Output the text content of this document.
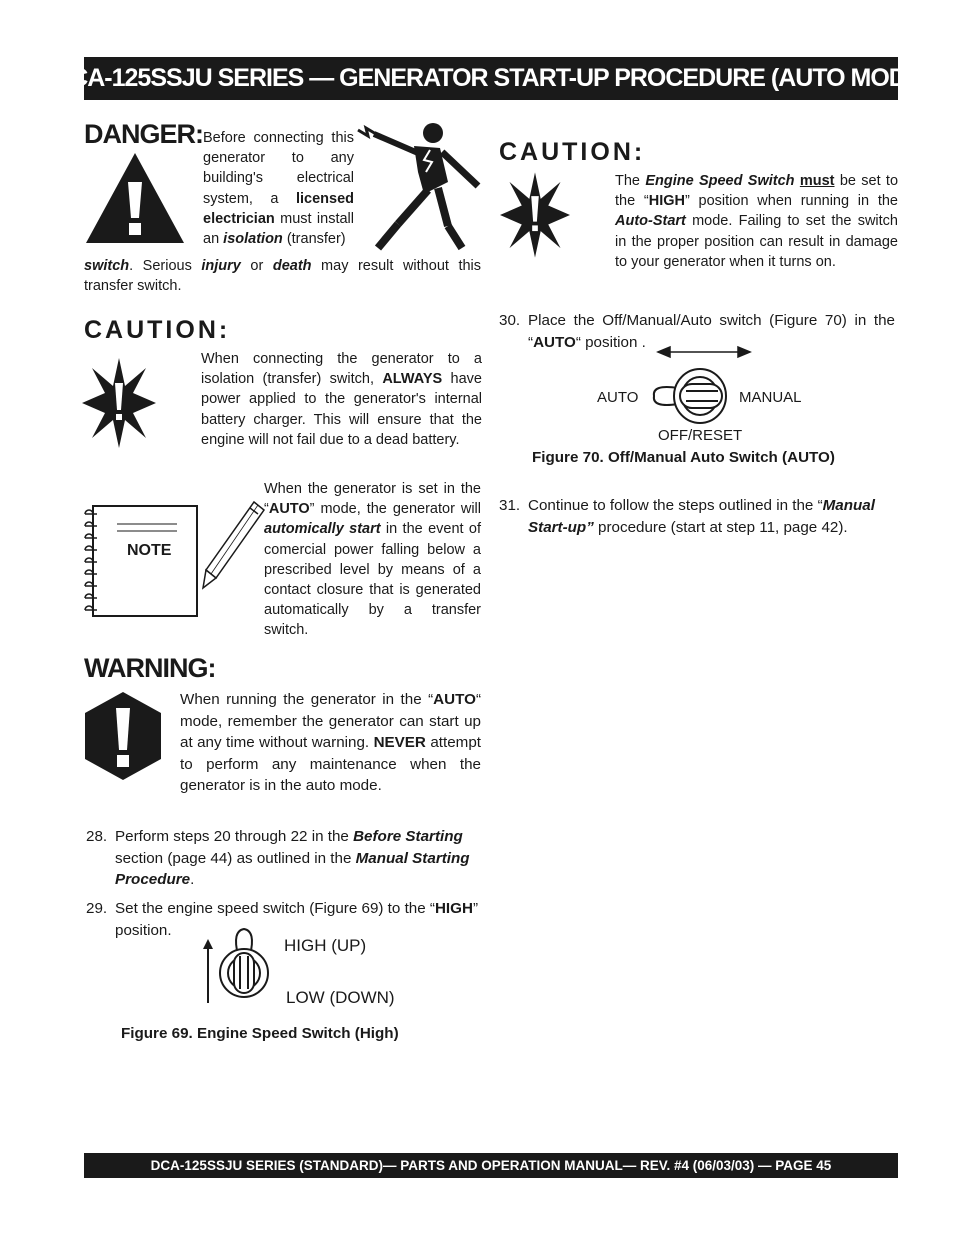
DCA-125SSJU SERIES — GENERATOR START-UP PROCEDURE (AUTO MODE)
DANGER: Before connecting this generator to any building's electrical system, a licensed electrician must install an isolation (transfer)
switch. Serious injury or death may result without this transfer switch.
CAUTION:
When connecting the generator to a isolation (transfer) switch, ALWAYS have power applied to the generator's internal battery charger. This will ensure that the engine will not fail due to a dead battery.
NOTE
When the generator is set in the “AUTO” mode, the generator will automically start in the event of comercial power falling below a prescribed level by means of a contact closure that is generated automatically by a transfer switch.
WARNING:
When running the generator in the “AUTO“ mode, remember the generator can start up at any time without warning. NEVER attempt to perform any maintenance when the generator is in the auto mode.
28. Perform steps 20 through 22 in the Before Starting section (page 44) as outlined in the Manual Starting Procedure.
29. Set the engine speed switch (Figure 69) to the “HIGH” position.
HIGH (UP)
LOW (DOWN)
Figure 69. Engine Speed Switch (High)
CAUTION:
The Engine Speed Switch must be set to the “HIGH” position when running in the Auto-Start mode. Failing to set the switch in the proper position can result in damage to your generator when it turns on.
30. Place the Off/Manual/Auto switch (Figure 70) in the “AUTO“ position .
AUTO	MANUAL
OFF/RESET
Figure 70. Off/Manual Auto Switch (AUTO)
31. Continue to follow the steps outlined in the “Manual Start-up” procedure (start at step 11, page 42).
DCA-125SSJU SERIES (STANDARD)— PARTS AND OPERATION MANUAL— REV. #4 (06/03/03) — PAGE 45
